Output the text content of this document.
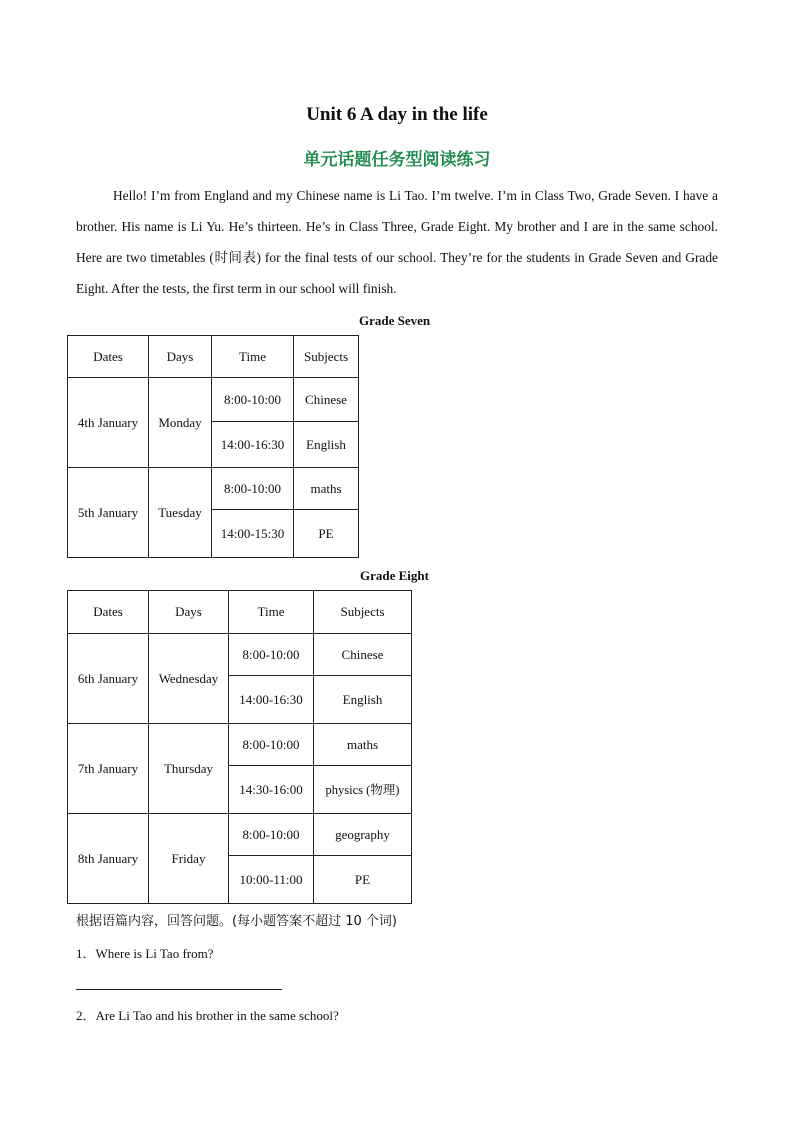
Unit 6 A day in the life
单元话题任务型阅读练习

Hello! I’m from England and my Chinese name is Li Tao. I’m twelve. I’m in Class Two, Grade Seven. I have a brother. His name is Li Yu. He’s thirteen. He’s in Class Three, Grade Eight. My brother and I are in the same school. Here are two timetables (时间表) for the final tests of our school. They’re for the students in Grade Seven and Grade Eight. After the tests, the first term in our school will finish.

Grade Seven

Dates	Days	Time	Subjects
4th January	Monday	8:00-10:00	Chinese
		14:00-16:30	English
5th January	Tuesday	8:00-10:00	maths
		14:00-15:30	PE

Grade Eight

Dates	Days	Time	Subjects
6th January	Wednesday	8:00-10:00	Chinese
		14:00-16:30	English
7th January	Thursday	8:00-10:00	maths
		14:30-16:00	physics (物理)
8th January	Friday	8:00-10:00	geography
		10:00-11:00	PE

根据语篇内容，回答问题。(每小题答案不超过 10 个词)

1．Where is Li Tao from?

2．Are Li Tao and his brother in the same school?
